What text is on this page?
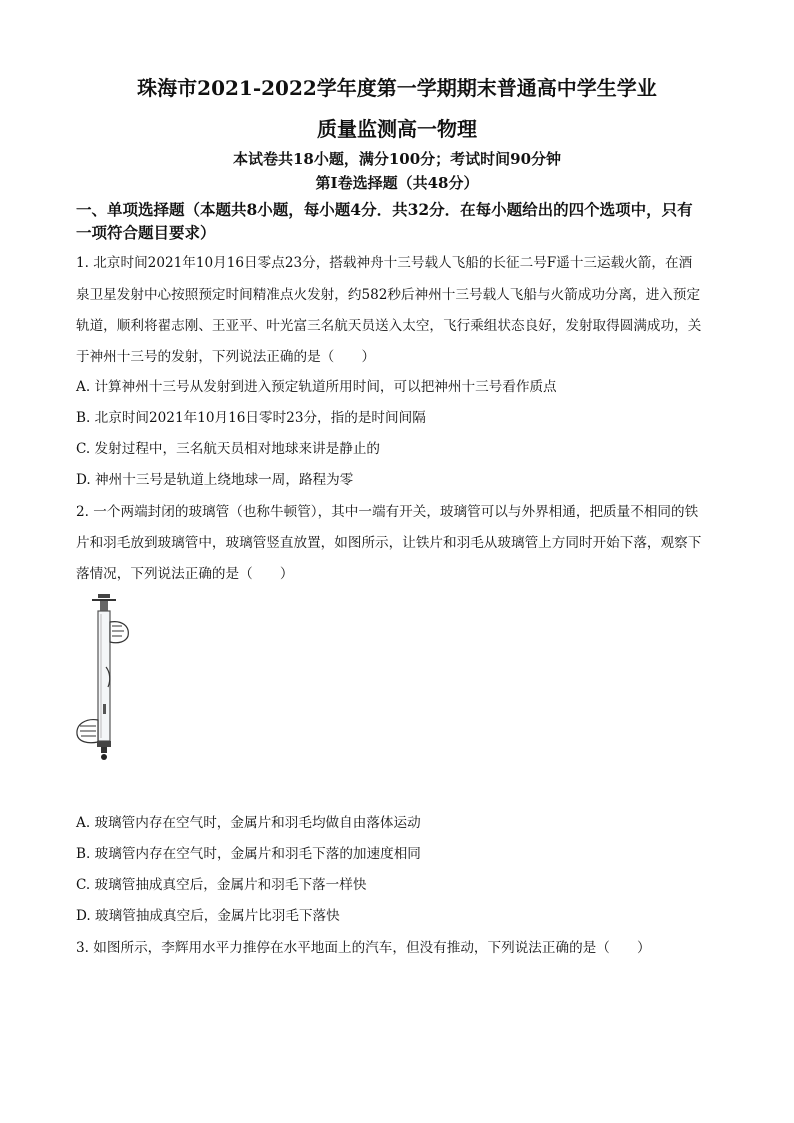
珠海市2021-2022学年度第一学期期末普通高中学生学业
质量监测高一物理
本试卷共18小题，满分100分；考试时间90分钟
第Ⅰ卷选择题（共48分）
一、单项选择题（本题共8小题，每小题4分．共32分．在每小题给出的四个选项中，只有
一项符合题目要求）
1. 北京时间2021年10月16日零点23分，搭载神舟十三号载人飞船的长征二号F遥十三运载火箭，在酒
泉卫星发射中心按照预定时间精准点火发射，约582秒后神州十三号载人飞船与火箭成功分离，进入预定
轨道，顺利将翟志刚、王亚平、叶光富三名航天员送入太空，飞行乘组状态良好，发射取得圆满成功，关
于神州十三号的发射，下列说法正确的是（　　）
A. 计算神州十三号从发射到进入预定轨道所用时间，可以把神州十三号看作质点
B. 北京时间2021年10月16日零时23分，指的是时间间隔
C. 发射过程中，三名航天员相对地球来讲是静止的
D. 神州十三号是轨道上绕地球一周，路程为零
2. 一个两端封闭的玻璃管（也称牛顿管），其中一端有开关，玻璃管可以与外界相通，把质量不相同的铁
片和羽毛放到玻璃管中，玻璃管竖直放置，如图所示，让铁片和羽毛从玻璃管上方同时开始下落，观察下
落情况，下列说法正确的是（　　）
A. 玻璃管内存在空气时，金属片和羽毛均做自由落体运动
B. 玻璃管内存在空气时，金属片和羽毛下落的加速度相同
C. 玻璃管抽成真空后，金属片和羽毛下落一样快
D. 玻璃管抽成真空后，金属片比羽毛下落快
3. 如图所示，李辉用水平力推停在水平地面上的汽车，但没有推动，下列说法正确的是（　　）
